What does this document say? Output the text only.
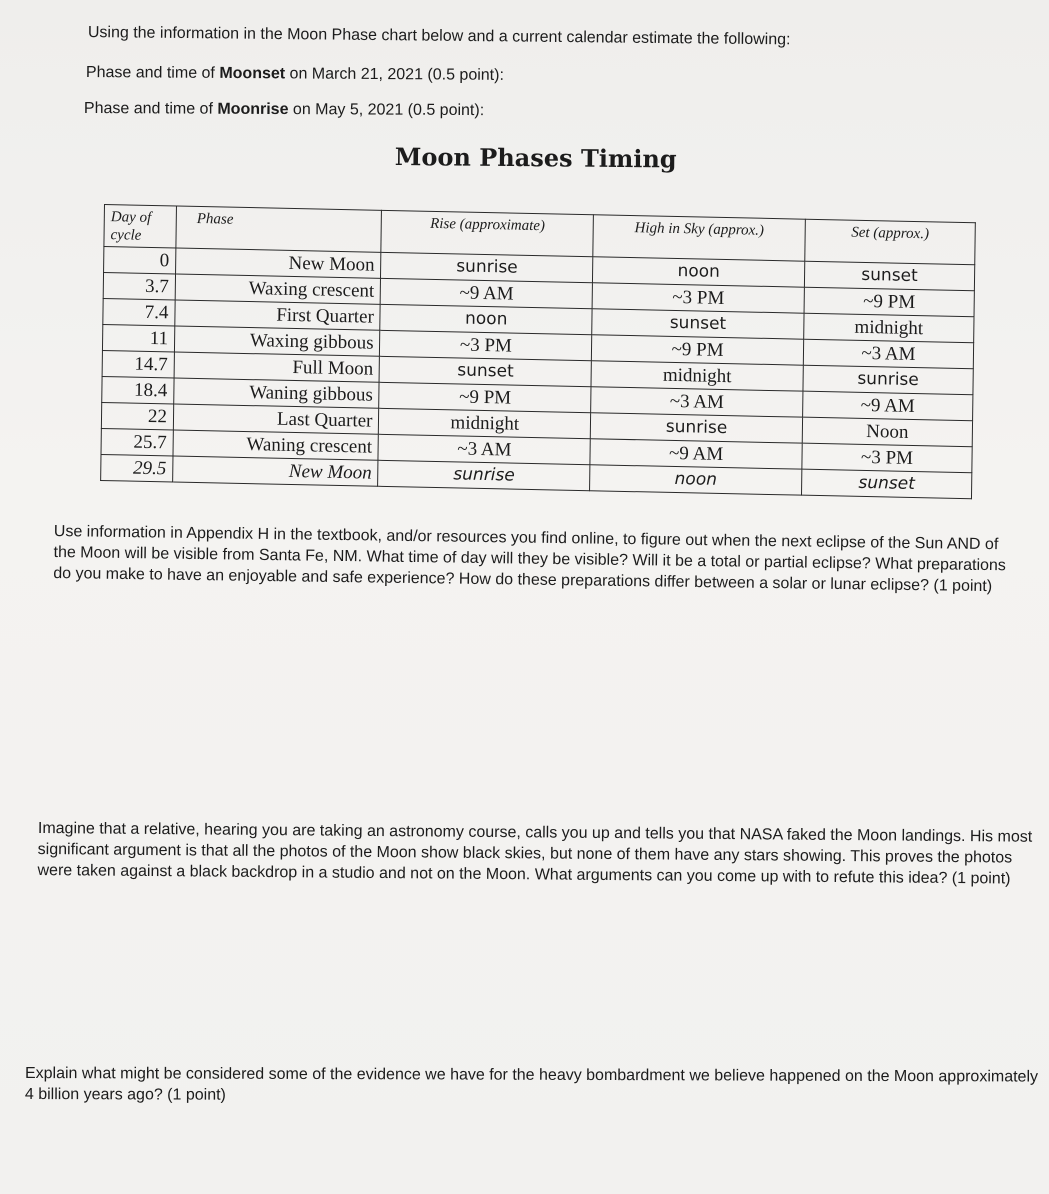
Using the information in the Moon Phase chart below and a current calendar estimate the following:
Phase and time of Moonset on March 21, 2021 (0.5 point):
Phase and time of Moonrise on May 5, 2021 (0.5 point):
Moon Phases Timing
Day of cycle	Phase	Rise (approximate)	High in Sky (approx.)	Set (approx.)
0	New Moon	sunrise	noon	sunset
3.7	Waxing crescent	~9 AM	~3 PM	~9 PM
7.4	First Quarter	noon	sunset	midnight
11	Waxing gibbous	~3 PM	~9 PM	~3 AM
14.7	Full Moon	sunset	midnight	sunrise
18.4	Waning gibbous	~9 PM	~3 AM	~9 AM
22	Last Quarter	midnight	sunrise	Noon
25.7	Waning crescent	~3 AM	~9 AM	~3 PM
29.5	New Moon	sunrise	noon	sunset
Use information in Appendix H in the textbook, and/or resources you find online, to figure out when the next eclipse of the Sun AND of the Moon will be visible from Santa Fe, NM. What time of day will they be visible? Will it be a total or partial eclipse? What preparations do you make to have an enjoyable and safe experience? How do these preparations differ between a solar or lunar eclipse? (1 point)
Imagine that a relative, hearing you are taking an astronomy course, calls you up and tells you that NASA faked the Moon landings. His most significant argument is that all the photos of the Moon show black skies, but none of them have any stars showing. This proves the photos were taken against a black backdrop in a studio and not on the Moon. What arguments can you come up with to refute this idea? (1 point)
Explain what might be considered some of the evidence we have for the heavy bombardment we believe happened on the Moon approximately 4 billion years ago? (1 point)
